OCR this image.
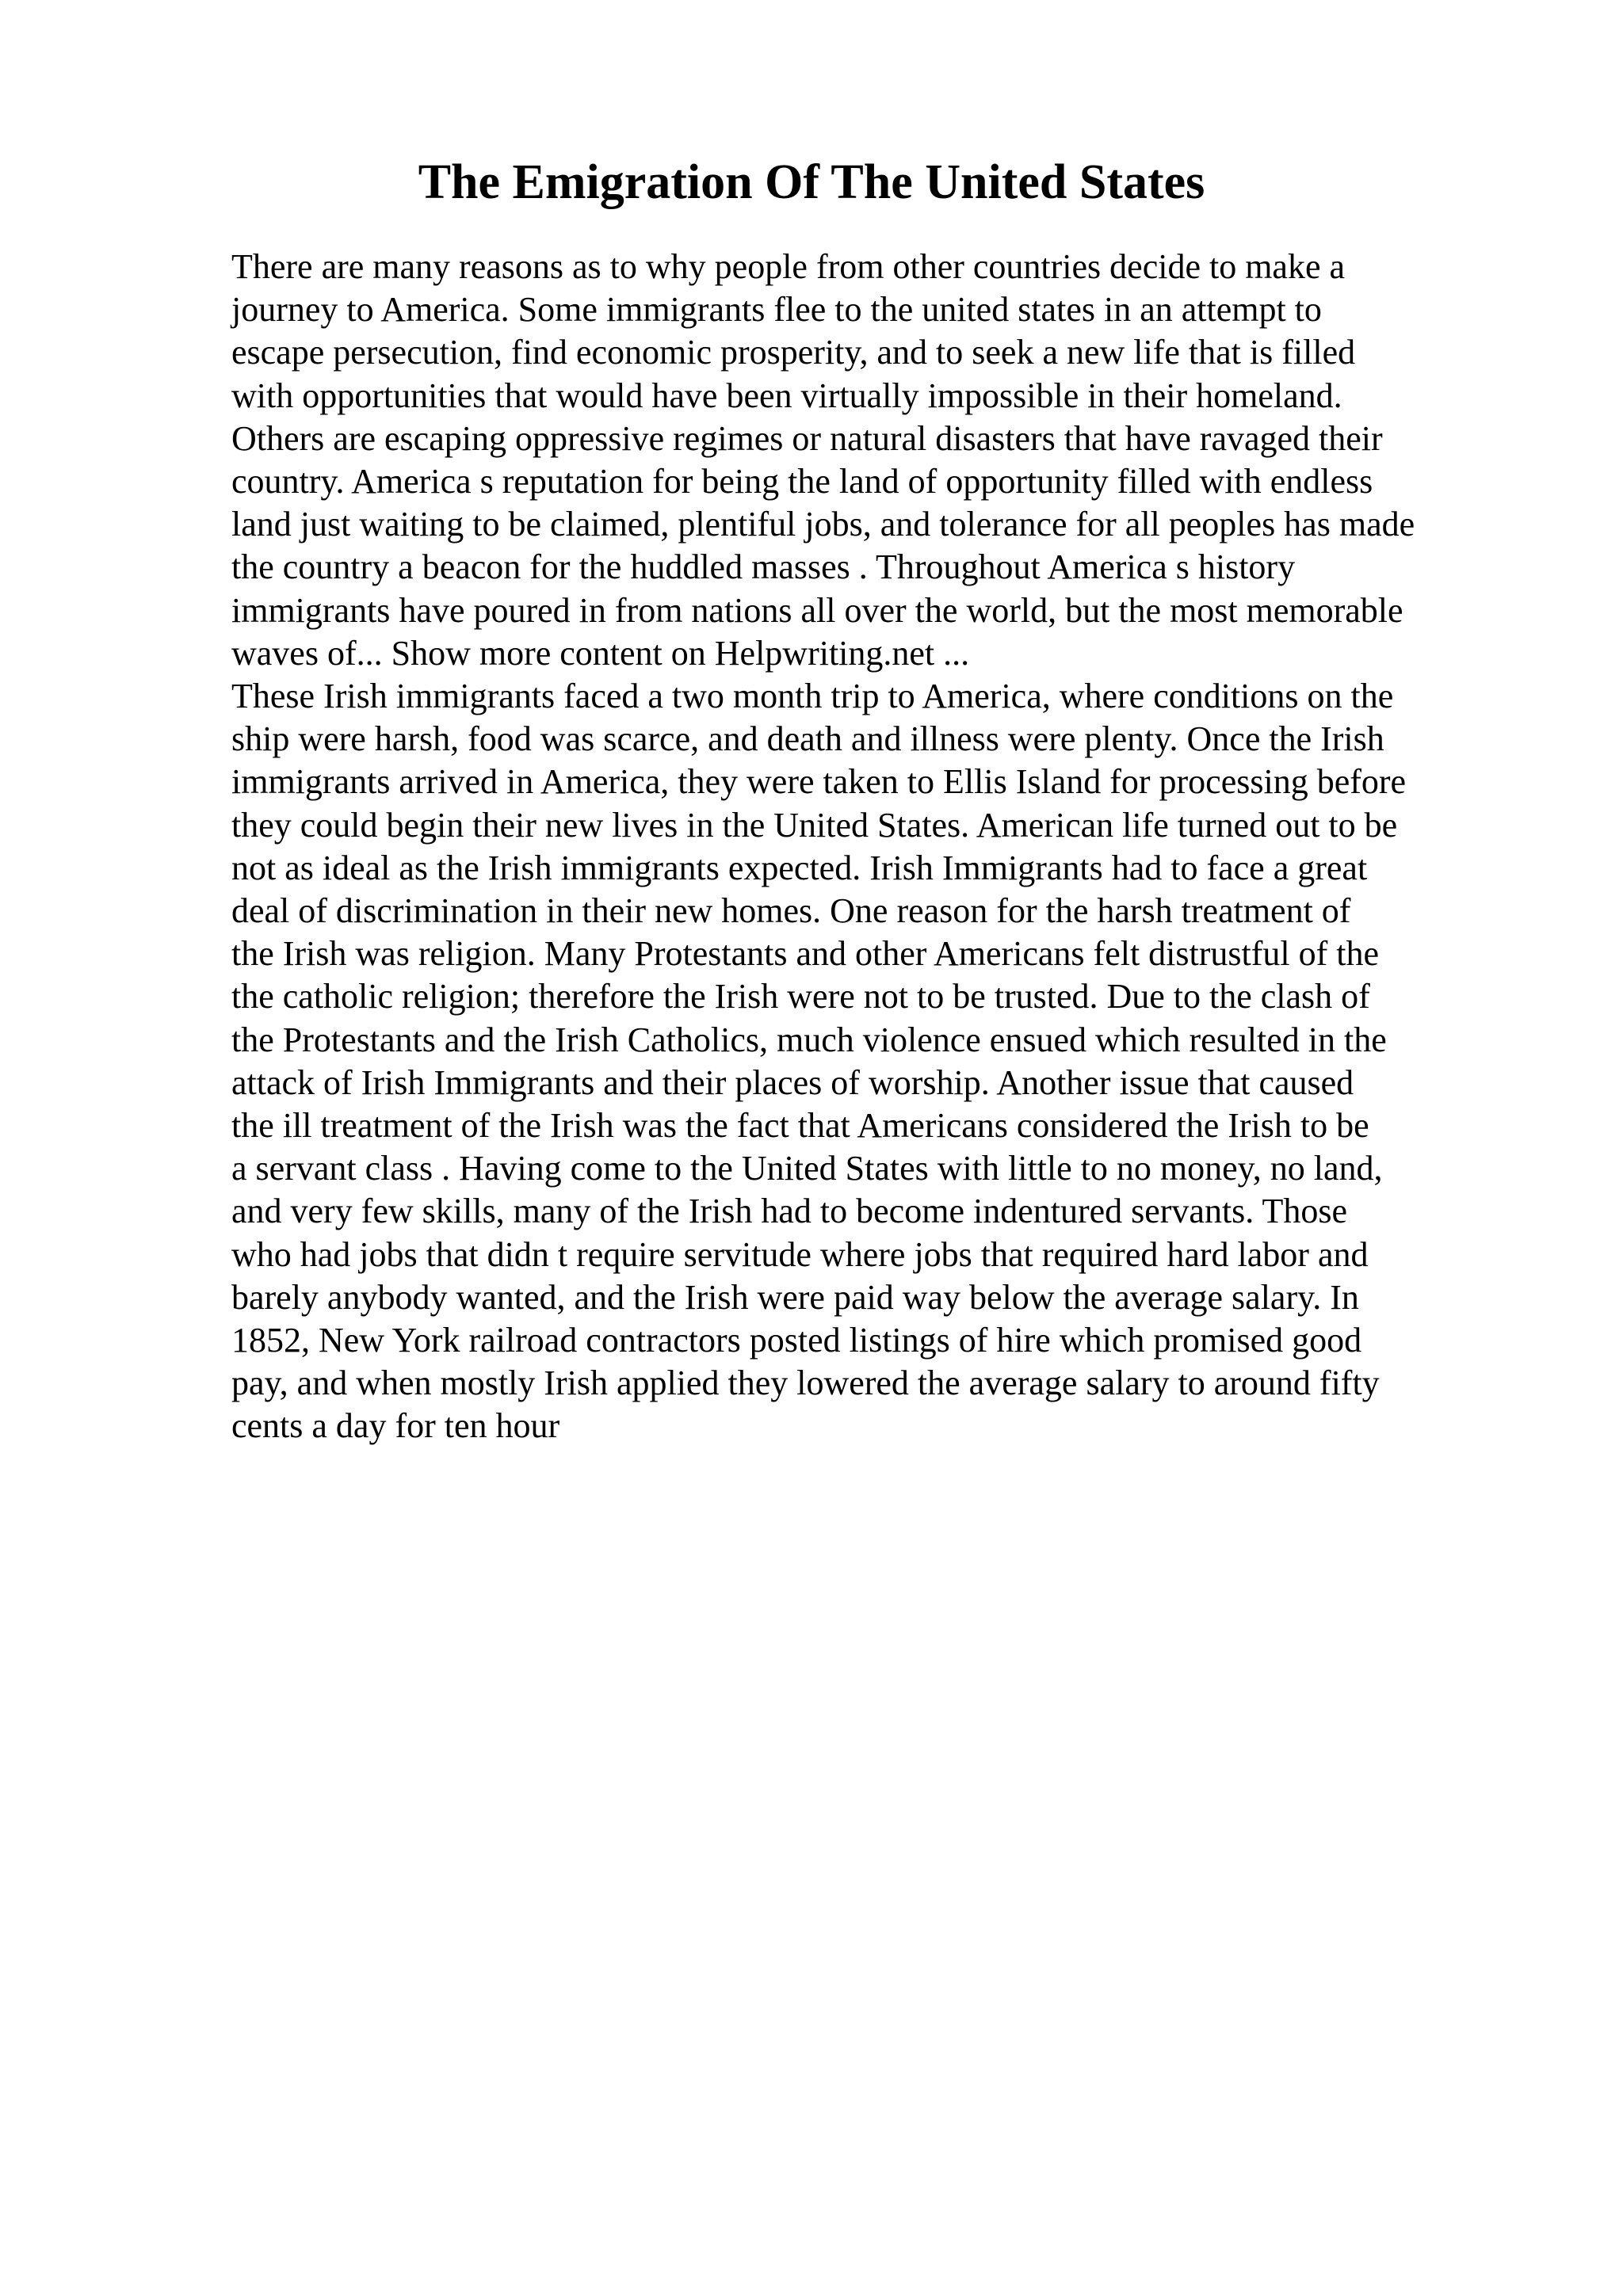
The Emigration Of The United States
There are many reasons as to why people from other countries decide to make a
journey to America. Some immigrants flee to the united states in an attempt to
escape persecution, find economic prosperity, and to seek a new life that is filled
with opportunities that would have been virtually impossible in their homeland.
Others are escaping oppressive regimes or natural disasters that have ravaged their
country. America s reputation for being the land of opportunity filled with endless
land just waiting to be claimed, plentiful jobs, and tolerance for all peoples has made
the country a beacon for the huddled masses . Throughout America s history
immigrants have poured in from nations all over the world, but the most memorable
waves of... Show more content on Helpwriting.net ...
These Irish immigrants faced a two month trip to America, where conditions on the
ship were harsh, food was scarce, and death and illness were plenty. Once the Irish
immigrants arrived in America, they were taken to Ellis Island for processing before
they could begin their new lives in the United States. American life turned out to be
not as ideal as the Irish immigrants expected. Irish Immigrants had to face a great
deal of discrimination in their new homes. One reason for the harsh treatment of
the Irish was religion. Many Protestants and other Americans felt distrustful of the
the catholic religion; therefore the Irish were not to be trusted. Due to the clash of
the Protestants and the Irish Catholics, much violence ensued which resulted in the
attack of Irish Immigrants and their places of worship. Another issue that caused
the ill treatment of the Irish was the fact that Americans considered the Irish to be
a servant class . Having come to the United States with little to no money, no land,
and very few skills, many of the Irish had to become indentured servants. Those
who had jobs that didn t require servitude where jobs that required hard labor and
barely anybody wanted, and the Irish were paid way below the average salary. In
1852, New York railroad contractors posted listings of hire which promised good
pay, and when mostly Irish applied they lowered the average salary to around fifty
cents a day for ten hour
